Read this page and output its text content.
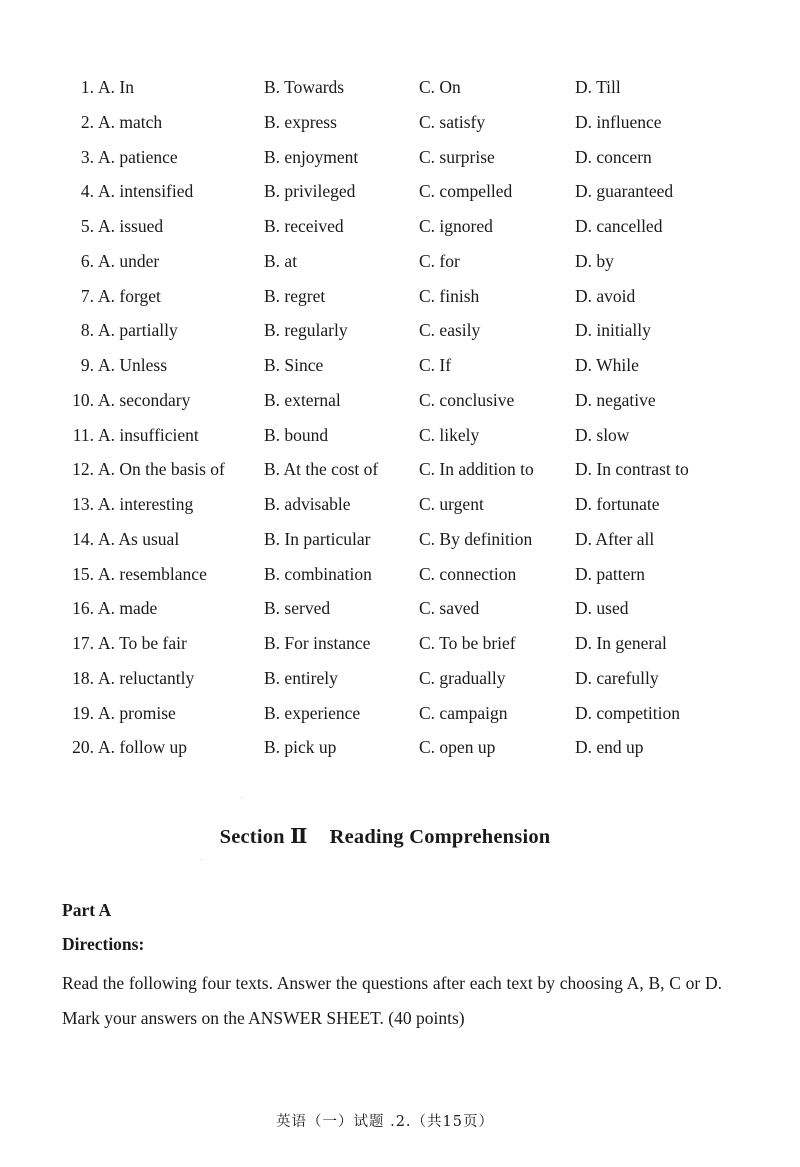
1. A. In	B. Towards	C. On	D. Till
2. A. match	B. express	C. satisfy	D. influence
3. A. patience	B. enjoyment	C. surprise	D. concern
4. A. intensified	B. privileged	C. compelled	D. guaranteed
5. A. issued	B. received	C. ignored	D. cancelled
6. A. under	B. at	C. for	D. by
7. A. forget	B. regret	C. finish	D. avoid
8. A. partially	B. regularly	C. easily	D. initially
9. A. Unless	B. Since	C. If	D. While
10. A. secondary	B. external	C. conclusive	D. negative
11. A. insufficient	B. bound	C. likely	D. slow
12. A. On the basis of B. At the cost of C. In addition to D. In contrast to
13. A. interesting	B. advisable	C. urgent	D. fortunate
14. A. As usual	B. In particular	C. By definition D. After all
15. A. resemblance	B. combination	C. connection	D. pattern
16. A. made	B. served	C. saved	D. used
17. A. To be fair	B. For instance	C. To be brief	D. In general
18. A. reluctantly	B. entirely	C. gradually	D. carefully
19. A. promise	B. experience	C. campaign	D. competition
20. A. follow up	B. pick up	C. open up	D. end up
Section Ⅱ Reading Comprehension
Part A
Directions:
Read the following four texts. Answer the questions after each text by choosing A, B, C or D. Mark your answers on the ANSWER SHEET. (40 points)
英语（一）试题 .2.（共15页）
˙
˙
